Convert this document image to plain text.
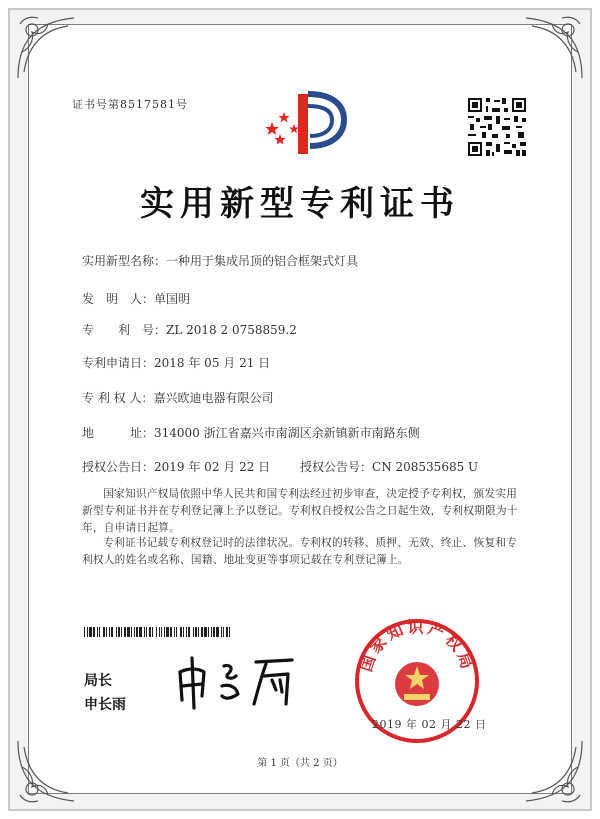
证书号第8517581号
实用新型专利证书
实用新型名称：一种用于集成吊顶的铝合框架式灯具
发　明　人：单国明
专　　利　号：ZL 2018 2 0758859.2
专利申请日：2018 年 05 月 21 日
专 利 权 人：嘉兴欧迪电器有限公司
地　　　址：314000 浙江省嘉兴市南湖区余新镇新市南路东侧
授权公告日：2019 年 02 月 22 日 授权公告号：CN 208535685 U
国家知识产权局依照中华人民共和国专利法经过初步审查，决定授予专利权，颁发实用新型专利证书并在专利登记簿上予以登记。专利权自授权公告之日起生效，专利权期限为十年，自申请日起算。
专利证书记载专利权登记时的法律状况。专利权的转移、质押、无效、终止、恢复和专利权人的姓名或名称、国籍、地址变更等事项记载在专利登记簿上。
局长
申长雨
国家知识产权局
2019 年 02 月 22 日
第 1 页（共 2 页）
